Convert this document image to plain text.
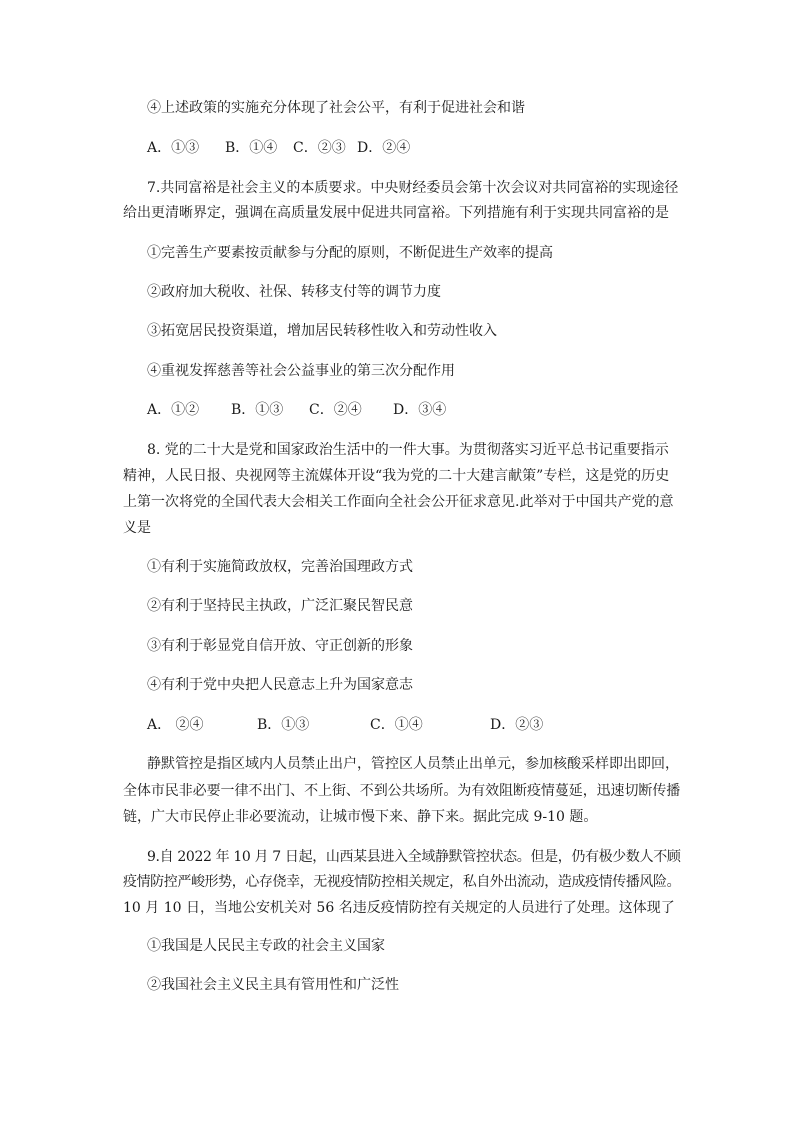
④上述政策的实施充分体现了社会公平，有利于促进社会和谐
A．①③ B．①④ C．②③ D．②④
7.共同富裕是社会主义的本质要求。中央财经委员会第十次会议对共同富裕的实现途径
给出更清晰界定，强调在高质量发展中促进共同富裕。下列措施有利于实现共同富裕的是
①完善生产要素按贡献参与分配的原则，不断促进生产效率的提高
②政府加大税收、社保、转移支付等的调节力度
③拓宽居民投资渠道，增加居民转移性收入和劳动性收入
④重视发挥慈善等社会公益事业的第三次分配作用
A．①② B．①③ C．②④ D．③④
8. 党的二十大是党和国家政治生活中的一件大事。为贯彻落实习近平总书记重要指示
精神，人民日报、央视网等主流媒体开设“我为党的二十大建言献策”专栏，这是党的历史
上第一次将党的全国代表大会相关工作面向全社会公开征求意见.此举对于中国共产党的意
义是
①有利于实施简政放权，完善治国理政方式
②有利于坚持民主执政，广泛汇聚民智民意
③有利于彰显党自信开放、守正创新的形象
④有利于党中央把人民意志上升为国家意志
A． ②④	B．①③	C．①④	D．②③
静默管控是指区域内人员禁止出户，管控区人员禁止出单元，参加核酸采样即出即回，
全体市民非必要一律不出门、不上街、不到公共场所。为有效阻断疫情蔓延，迅速切断传播
链，广大市民停止非必要流动，让城市慢下来、静下来。据此完成 9-10 题。
9.自 2022 年 10 月 7 日起，山西某县进入全域静默管控状态。但是，仍有极少数人不顾
疫情防控严峻形势，心存侥幸，无视疫情防控相关规定，私自外出流动，造成疫情传播风险。
10 月 10 日，当地公安机关对 56 名违反疫情防控有关规定的人员进行了处理。这体现了
①我国是人民民主专政的社会主义国家
②我国社会主义民主具有管用性和广泛性
